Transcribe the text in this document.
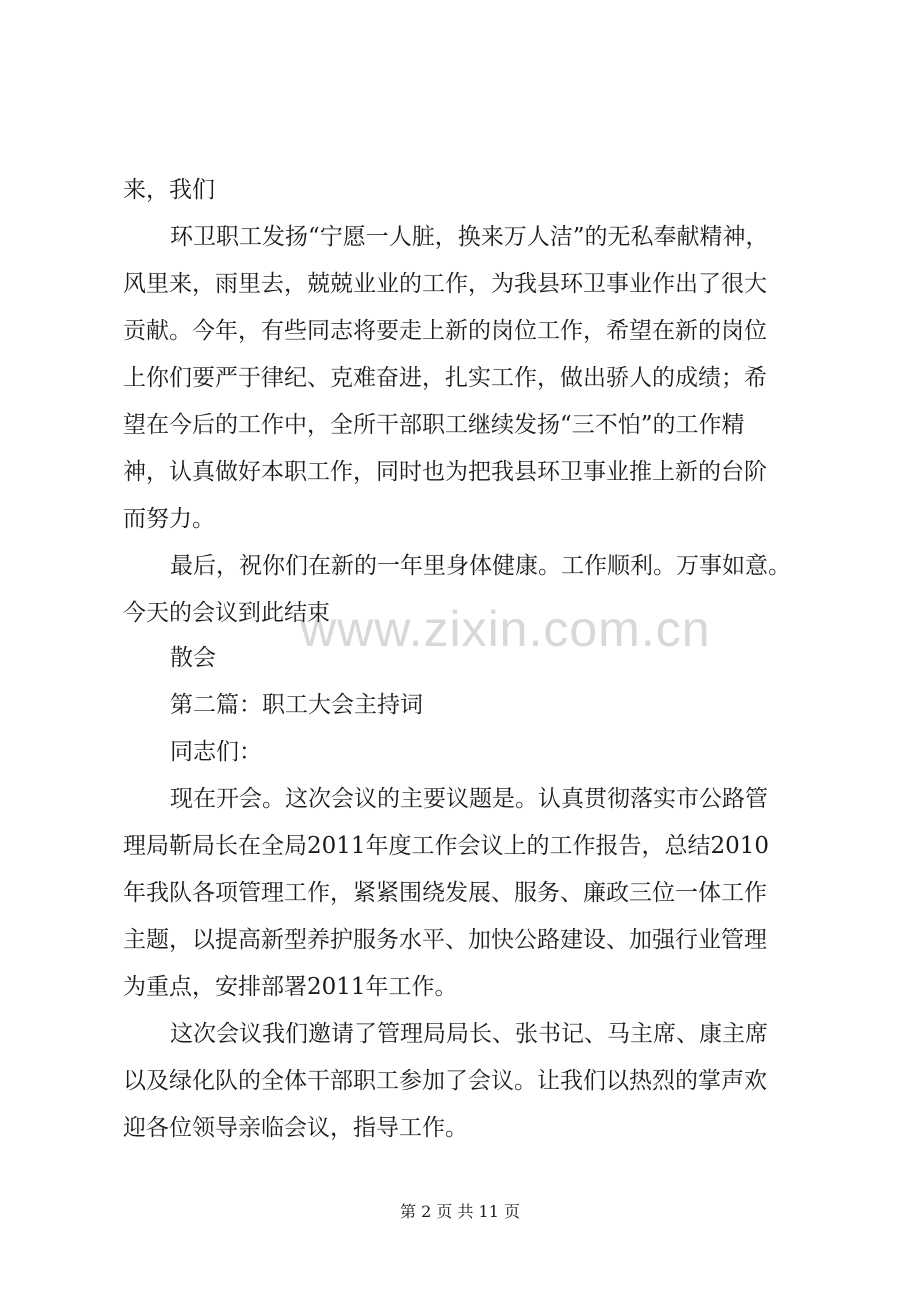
www.zixin.com.cn
来，我们
环卫职工发扬“宁愿一人脏，换来万人洁”的无私奉献精神，
风里来，雨里去，兢兢业业的工作，为我县环卫事业作出了很大
贡献。今年，有些同志将要走上新的岗位工作，希望在新的岗位
上你们要严于律纪、克难奋进，扎实工作，做出骄人的成绩；希
望在今后的工作中，全所干部职工继续发扬“三不怕”的工作精
神，认真做好本职工作，同时也为把我县环卫事业推上新的台阶
而努力。
最后，祝你们在新的一年里身体健康。工作顺利。万事如意。
今天的会议到此结束
散会
第二篇：职工大会主持词
同志们：
现在开会。这次会议的主要议题是。认真贯彻落实市公路管
理局靳局长在全局2011年度工作会议上的工作报告，总结2010
年我队各项管理工作，紧紧围绕发展、服务、廉政三位一体工作
主题，以提高新型养护服务水平、加快公路建设、加强行业管理
为重点，安排部署2011年工作。
这次会议我们邀请了管理局局长、张书记、马主席、康主席
以及绿化队的全体干部职工参加了会议。让我们以热烈的掌声欢
迎各位领导亲临会议，指导工作。
第 2 页 共 11 页
